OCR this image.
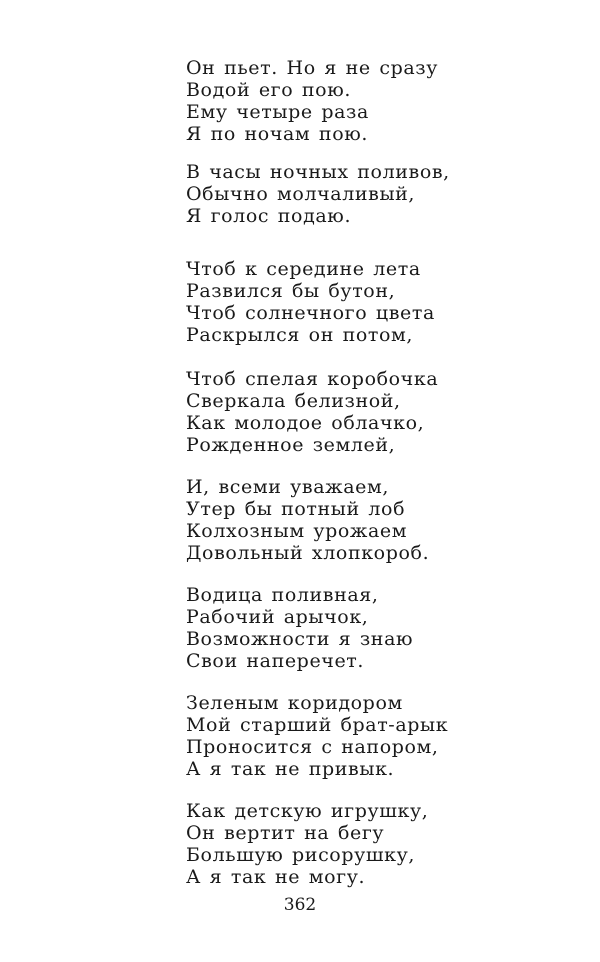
Он пьет. Но я не сразу
Водой его пою.
Ему четыре раза
Я по ночам пою.
В часы ночных поливов,
Обычно молчаливый,
Я голос подаю.
Чтоб к середине лета
Развился бы бутон,
Чтоб солнечного цвета
Раскрылся он потом,
Чтоб спелая коробочка
Сверкала белизной,
Как молодое облачко,
Рожденное землей,
И, всеми уважаем,
Утер бы потный лоб
Колхозным урожаем
Довольный хлопкороб.
Водица поливная,
Рабочий арычок,
Возможности я знаю
Свои наперечет.
Зеленым коридором
Мой старший брат-арык
Проносится с напором,
А я так не привык.
Как детскую игрушку,
Он вертит на бегу
Большую рисорушку,
А я так не могу.
362
